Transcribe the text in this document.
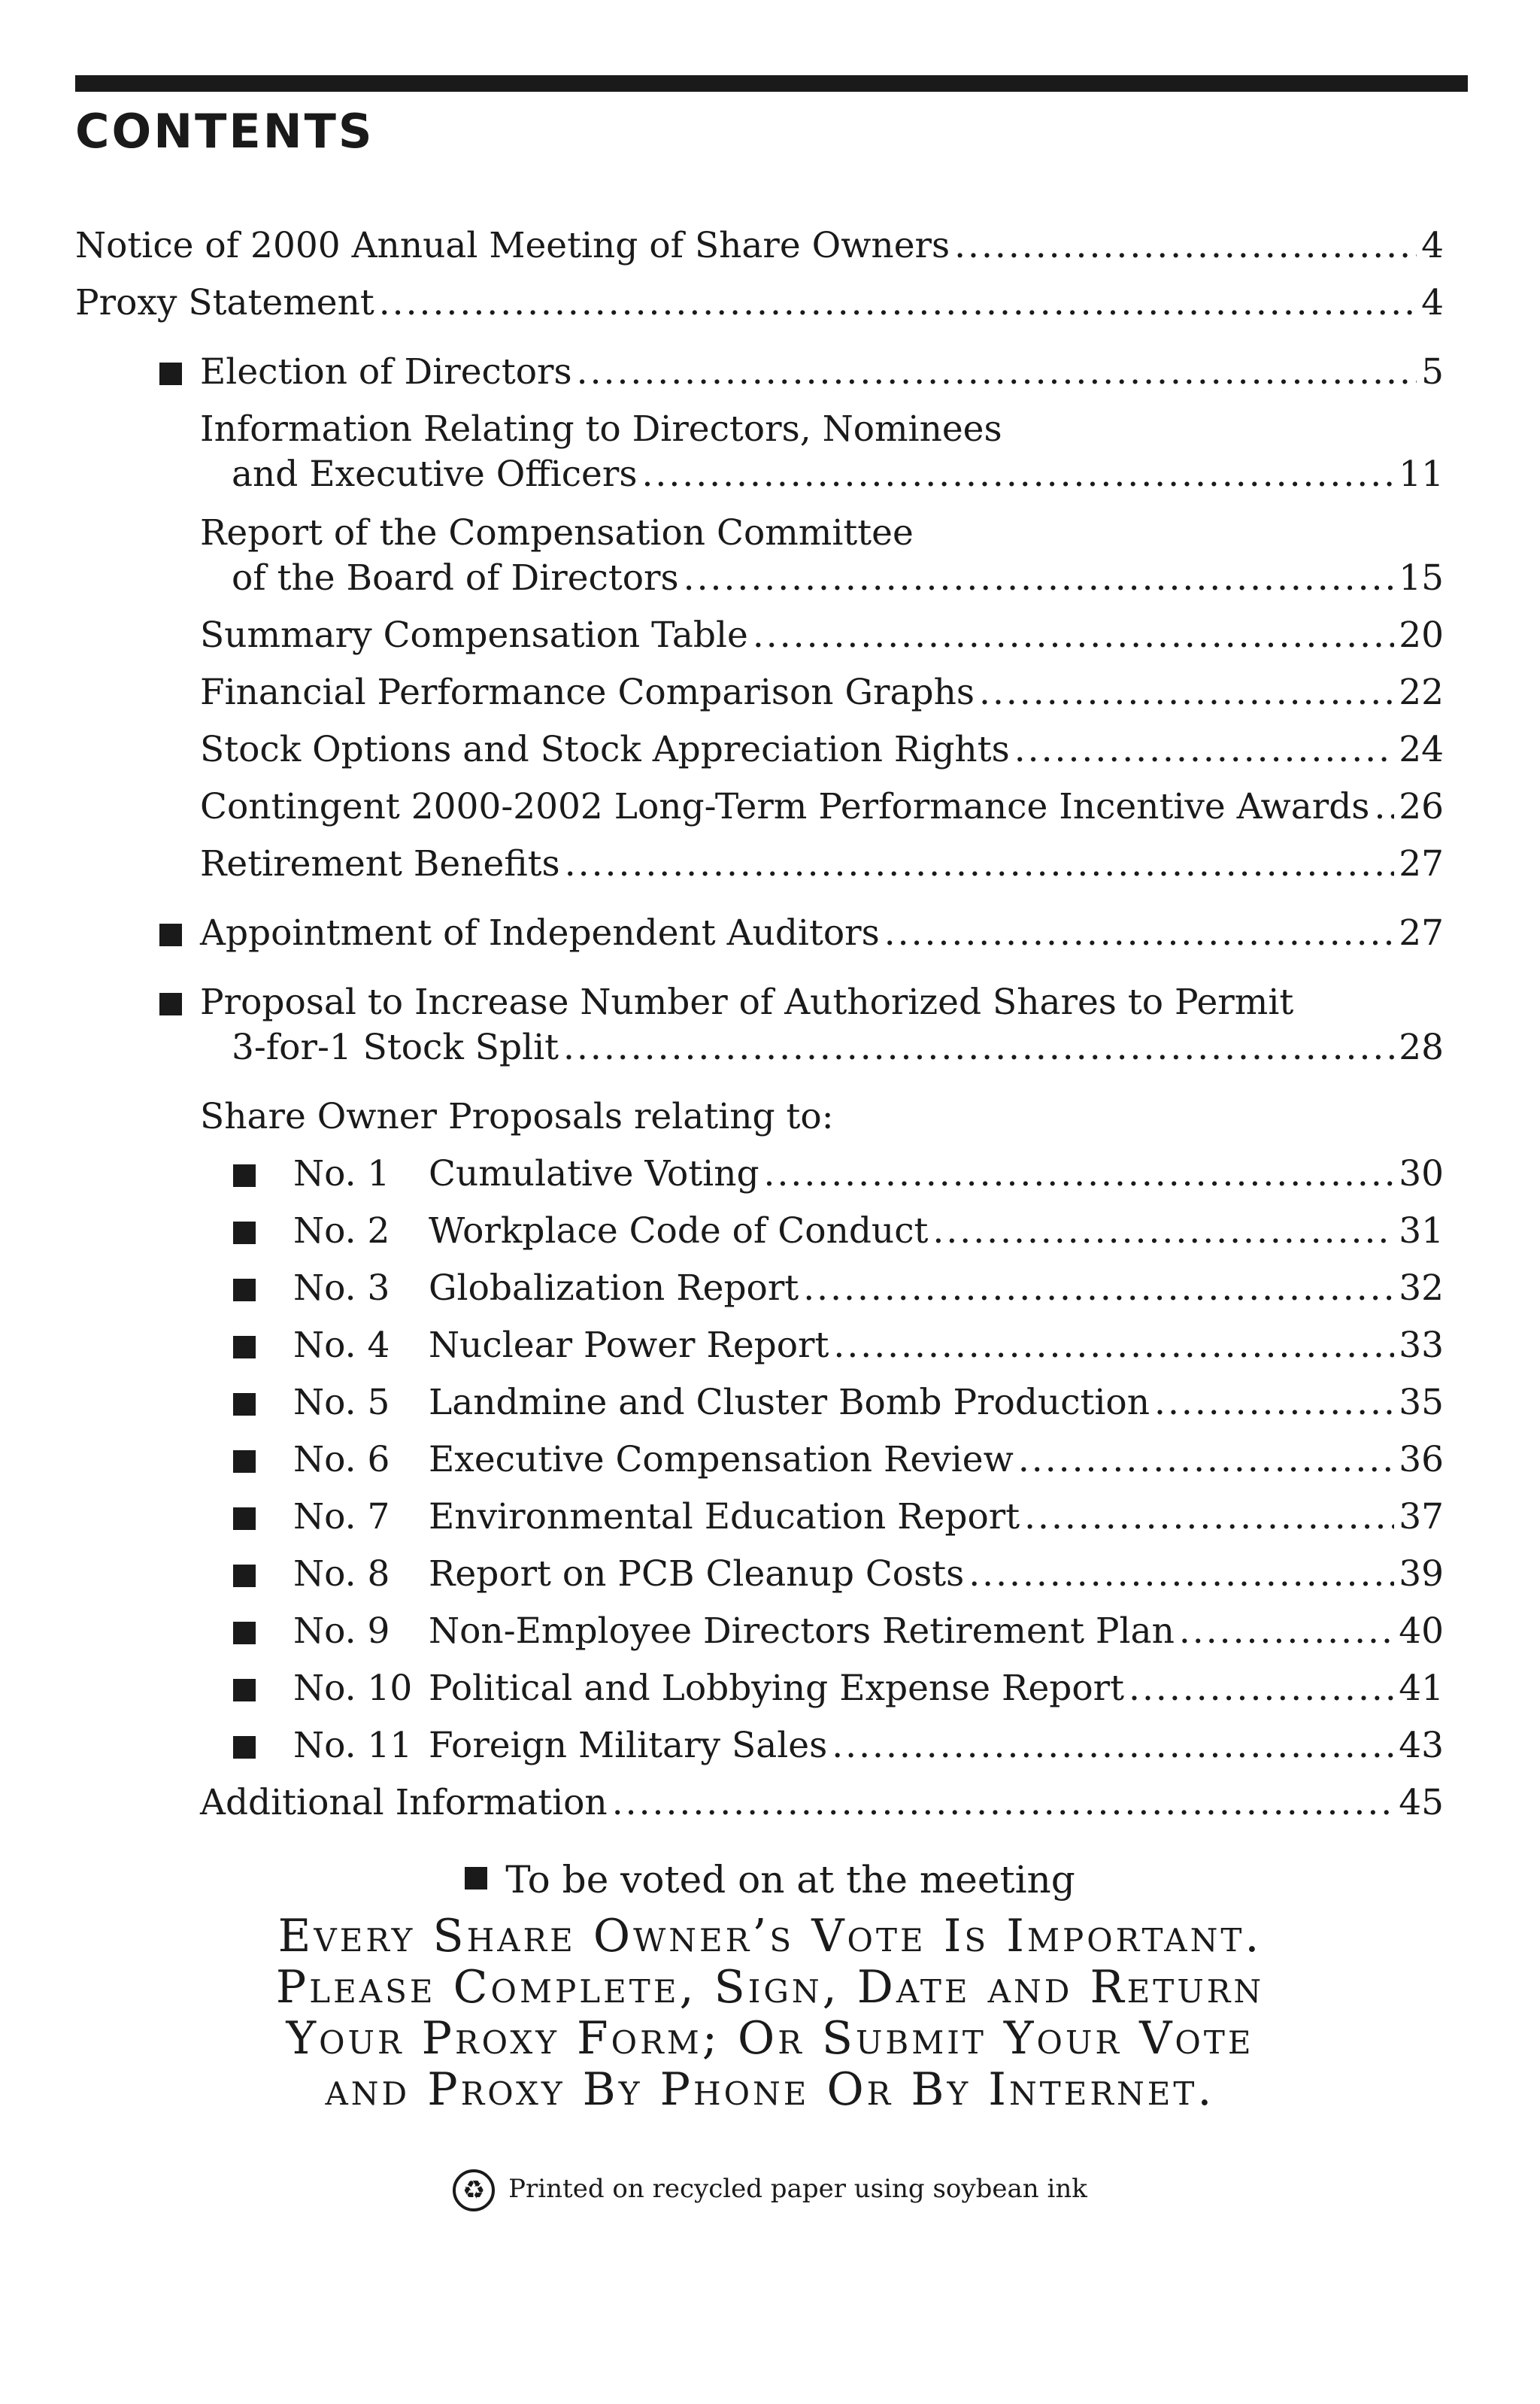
CONTENTS
Notice of 2000 Annual Meeting of Share Owners .....	4
Proxy Statement .....	4
Election of Directors .....	5
Information Relating to Directors, Nominees
and Executive Officers .....	11
Report of the Compensation Committee
of the Board of Directors .....	15
Summary Compensation Table .....	20
Financial Performance Comparison Graphs .....	22
Stock Options and Stock Appreciation Rights .....	24
Contingent 2000-2002 Long-Term Performance Incentive Awards ..... 26
Retirement Benefits .....	27
Appointment of Independent Auditors .....	27
Proposal to Increase Number of Authorized Shares to Permit
3-for-1 Stock Split .....	28
Share Owner Proposals relating to:
No. 1 Cumulative Voting .....	30
No. 2 Workplace Code of Conduct .....	31
No. 3 Globalization Report .....	32
No. 4 Nuclear Power Report .....	33
No. 5 Landmine and Cluster Bomb Production .....	35
No. 6 Executive Compensation Review .....	36
No. 7 Environmental Education Report .....	37
No. 8 Report on PCB Cleanup Costs .....	39
No. 9 Non-Employee Directors Retirement Plan .....	40
No. 10 Political and Lobbying Expense Report .....	41
No. 11 Foreign Military Sales .....	43
Additional Information .....	45
To be voted on at the meeting
Every Share Owner’s Vote Is Important.
Please Complete, Sign, Date and Return
Your Proxy Form; Or Submit Your Vote
and Proxy By Phone Or By Internet.
♻Printed on recycled paper using soybean ink
